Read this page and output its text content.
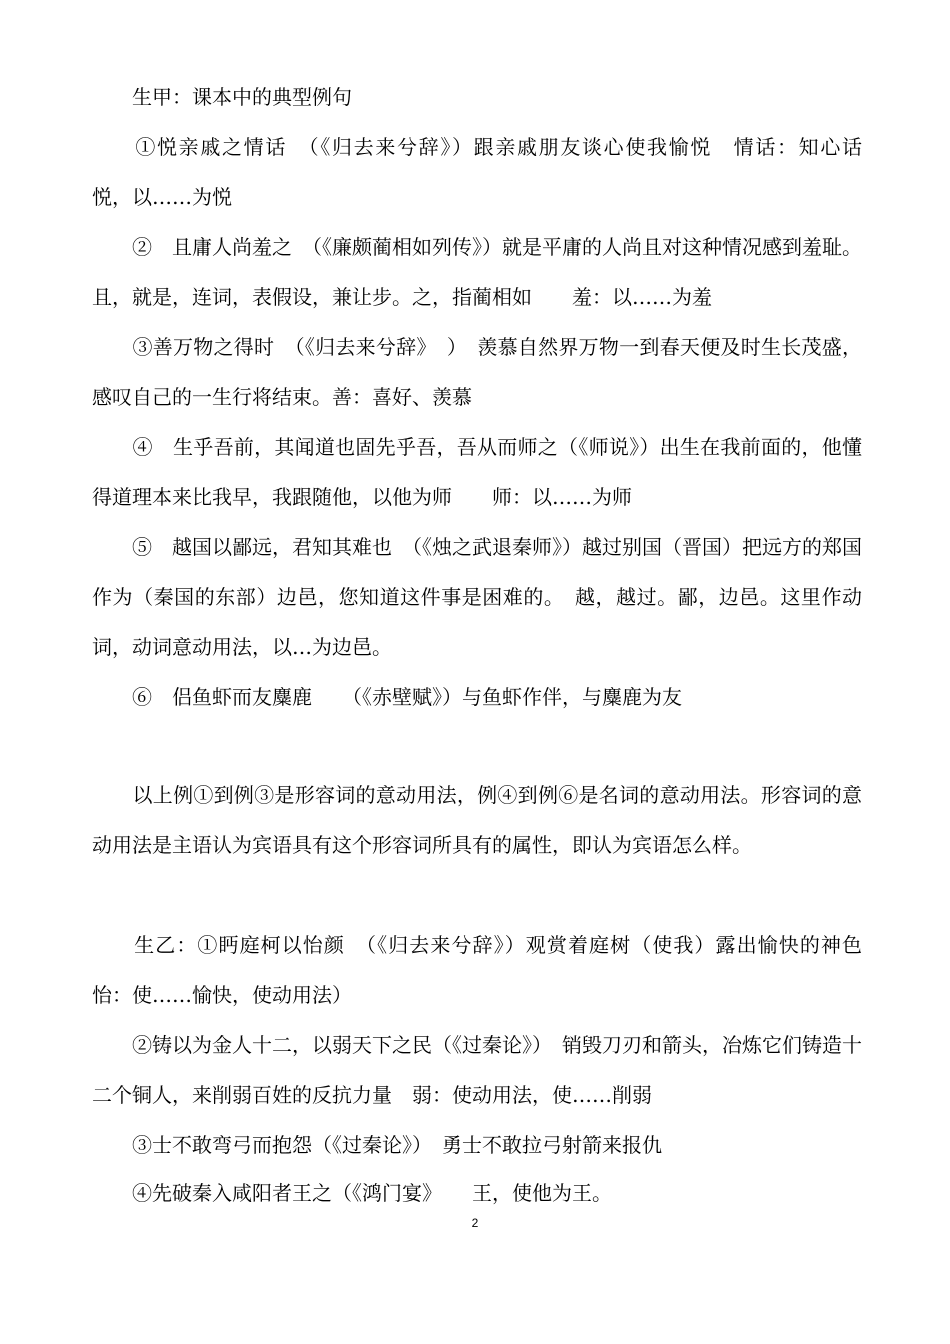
　　生甲：课本中的典型例句
　　①悦亲戚之情话　（《归去来兮辞》）跟亲戚朋友谈心使我愉悦　情话：知心话　　悦，以……为悦
　　②　且庸人尚羞之　（《廉颇蔺相如列传》）就是平庸的人尚且对这种情况感到羞耻。且，就是，连词，表假设，兼让步。之，指蔺相如　　羞：以……为羞
　　③善万物之得时　（《归去来兮辞》　）　羡慕自然界万物一到春天便及时生长茂盛，感叹自己的一生行将结束。善：喜好、羡慕
　　④　生乎吾前，其闻道也固先乎吾，吾从而师之（《师说》）出生在我前面的，他懂得道理本来比我早，我跟随他，以他为师　　师：以……为师
　　⑤　越国以鄙远，君知其难也　（《烛之武退秦师》）越过别国（晋国）把远方的郑国作为（秦国的东部）边邑，您知道这件事是困难的。　越，越过。鄙，边邑。这里作动词，动词意动用法，以…为边邑。
　　⑥　侣鱼虾而友麋鹿　　（《赤壁赋》）与鱼虾作伴，与麋鹿为友
　　以上例①到例③是形容词的意动用法，例④到例⑥是名词的意动用法。形容词的意动用法是主语认为宾语具有这个形容词所具有的属性，即认为宾语怎么样。
　　生乙：①眄庭柯以怡颜　（《归去来兮辞》）观赏着庭树（使我）露出愉快的神色　怡：使……愉快，使动用法）
　　②铸以为金人十二，以弱天下之民（《过秦论》）　销毁刀刃和箭头，冶炼它们铸造十二个铜人，来削弱百姓的反抗力量　弱：使动用法，使……削弱
　　③士不敢弯弓而抱怨（《过秦论》）　勇士不敢拉弓射箭来报仇
　　④先破秦入咸阳者王之（《鸿门宴》　　王，使他为王。
2
